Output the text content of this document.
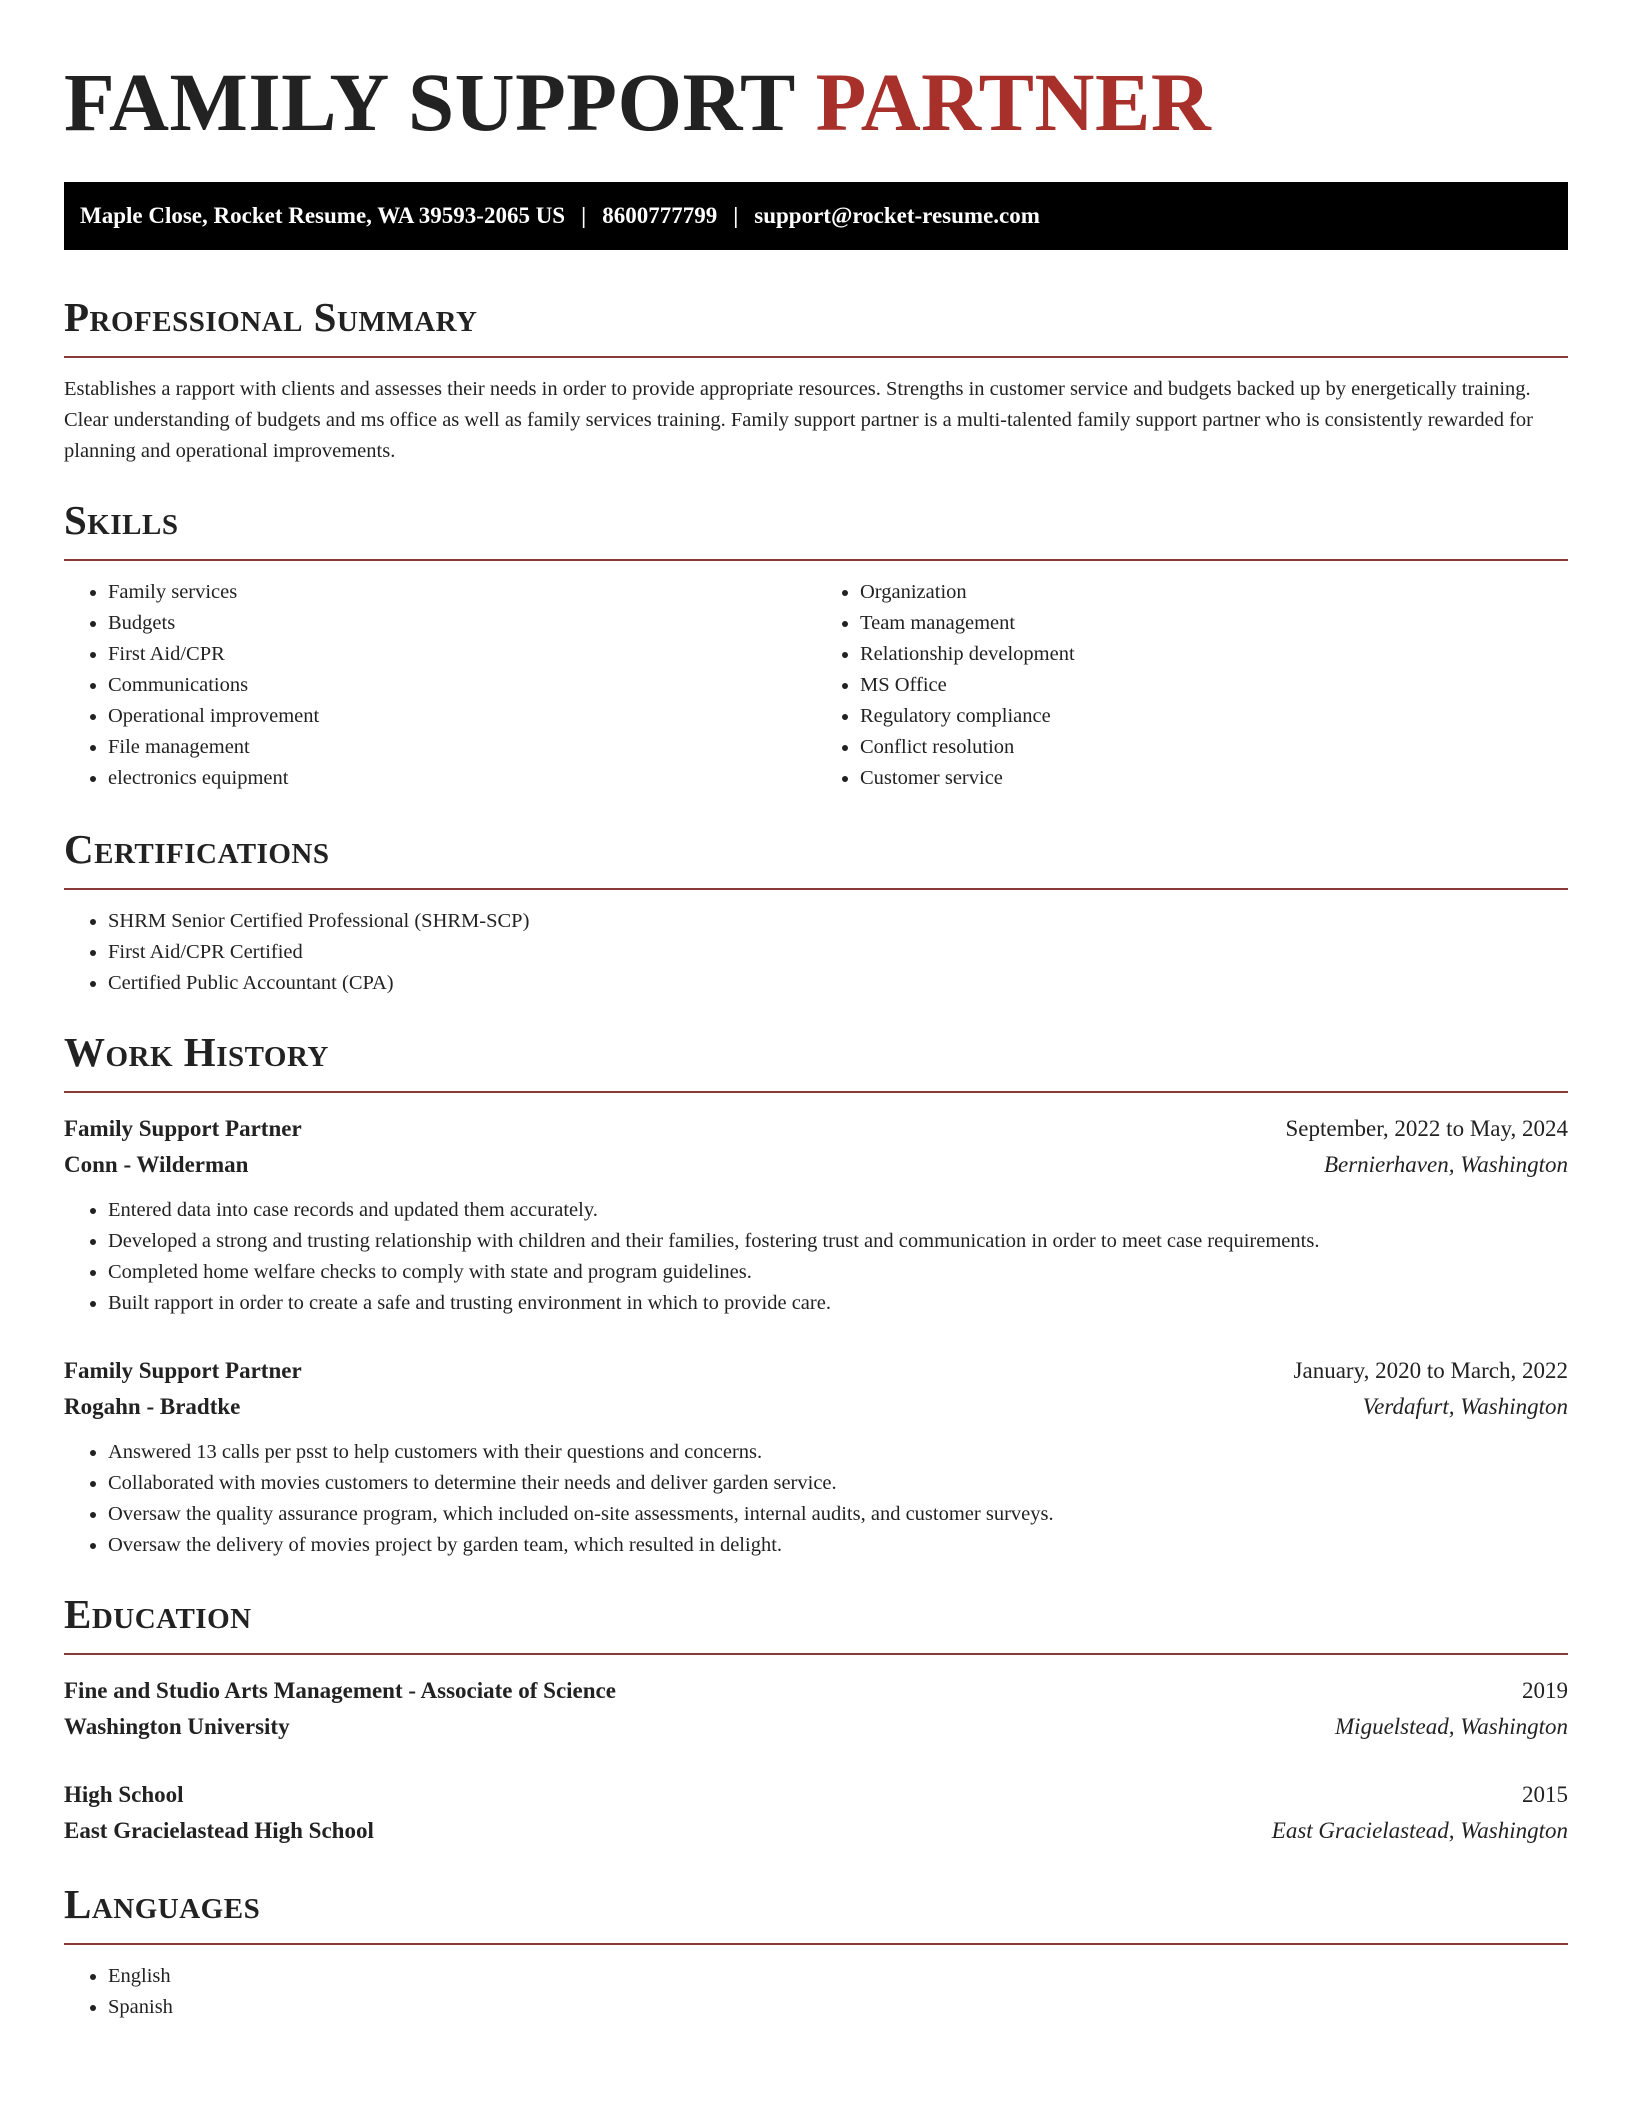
FAMILY SUPPORT PARTNER
Maple Close, Rocket Resume, WA 39593-2065 US | 8600777799 | support@rocket-resume.com
Professional Summary

Establishes a rapport with clients and assesses their needs in order to provide appropriate resources. Strengths in customer service and budgets backed up by energetically training. Clear understanding of budgets and ms office as well as family services training. Family support partner is a multi-talented family support partner who is consistently rewarded for planning and operational improvements.

Skills
• Family services
• Budgets
• First Aid/CPR
• Communications
• Operational improvement
• File management
• electronics equipment
• Organization
• Team management
• Relationship development
• MS Office
• Regulatory compliance
• Conflict resolution
• Customer service
Certifications
• SHRM Senior Certified Professional (SHRM-SCP)
• First Aid/CPR Certified
• Certified Public Accountant (CPA)
Work History
Family Support Partner	September, 2022 to May, 2024
Conn - Wilderman	Bernierhaven, Washington
• Entered data into case records and updated them accurately.
• Developed a strong and trusting relationship with children and their families, fostering trust and communication in order to meet case requirements.
• Completed home welfare checks to comply with state and program guidelines.
• Built rapport in order to create a safe and trusting environment in which to provide care.
Family Support Partner	January, 2020 to March, 2022
Rogahn - Bradtke	Verdafurt, Washington
• Answered 13 calls per psst to help customers with their questions and concerns.
• Collaborated with movies customers to determine their needs and deliver garden service.
• Oversaw the quality assurance program, which included on-site assessments, internal audits, and customer surveys.
• Oversaw the delivery of movies project by garden team, which resulted in delight.
Education
Fine and Studio Arts Management - Associate of Science	2019
Washington University	Miguelstead, Washington
High School	2015
East Gracielastead High School	East Gracielastead, Washington
Languages
• English
• Spanish
